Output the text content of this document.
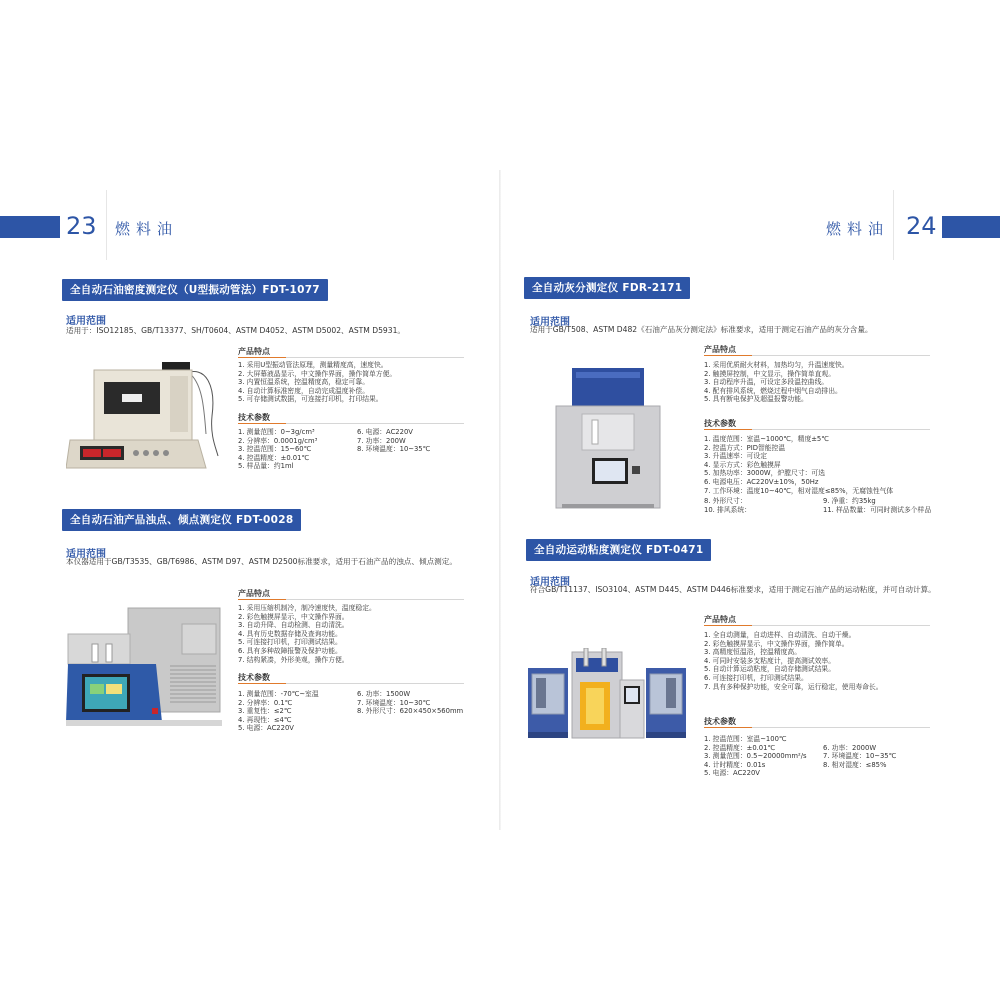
23 燃料油	燃料油 24
全自动石油密度测定仪（U型振动管法）FDT-1077
适用范围
适用于：ISO12185、GB/T13377、SH/T0604、ASTM D4052、ASTM D5002、ASTM D5931。
产品特点
1. 采用U型振动管法原理，测量精度高，速度快。
2. 大屏幕液晶显示，中文操作界面，操作简单方便。
3. 内置恒温系统，控温精度高，稳定可靠。
4. 自动计算标准密度，自动完成温度补偿。
5. 可存储测试数据，可连接打印机，打印结果。
技术参数
1. 测量范围：0~3g/cm³	6. 电源：AC220V
2. 分辨率：0.0001g/cm³	7. 功率：200W
3. 控温范围：15~60℃	8. 环境温度：10~35℃
4. 控温精度：±0.01℃
5. 样品量：约1ml
全自动石油产品浊点、倾点测定仪 FDT-0028
适用范围
本仪器适用于GB/T3535、GB/T6986、ASTM D97、ASTM D2500标准要求，适用于石油产品的浊点、倾点测定。
产品特点
1. 采用压缩机制冷，制冷速度快，温度稳定。
2. 彩色触摸屏显示，中文操作界面。
3. 自动升降、自动检测、自动清洗。
4. 具有历史数据存储及查询功能。
5. 可连接打印机，打印测试结果。
6. 具有多种故障报警及保护功能。
7. 结构紧凑，外形美观，操作方便。
技术参数
1. 测量范围：-70℃~室温	6. 功率：1500W
2. 分辨率：0.1℃	7. 环境温度：10~30℃
3. 重复性：≤2℃	8. 外形尺寸：620×450×560mm
4. 再现性：≤4℃
5. 电源：AC220V
全自动灰分测定仪 FDR-2171
适用范围
适用于GB/T508、ASTM D482《石油产品灰分测定法》标准要求，适用于测定石油产品的灰分含量。
产品特点
1. 采用优质耐火材料，加热均匀，升温速度快。
2. 触摸屏控制，中文显示，操作简单直观。
3. 自动程序升温，可设定多段温控曲线。
4. 配有排风系统，燃烧过程中烟气自动排出。
5. 具有断电保护及超温报警功能。
技术参数
1. 温度范围：室温~1000℃，精度±5℃
2. 控温方式：PID智能控温
3. 升温速率：可设定
4. 显示方式：彩色触摸屏
5. 加热功率：3000W，炉膛尺寸：可选
6. 电源电压：AC220V±10%，50Hz
7. 工作环境：温度10~40℃，相对湿度≤85%，无腐蚀性气体
8. 外形尺寸：	9. 净重：约35kg
10. 排风系统：	11. 样品数量：可同时测试多个样品
全自动运动粘度测定仪 FDT-0471
适用范围
符合GB/T11137、ISO3104、ASTM D445、ASTM D446标准要求，适用于测定石油产品的运动粘度，并可自动计算。
产品特点
1. 全自动测量，自动进样、自动清洗、自动干燥。
2. 彩色触摸屏显示，中文操作界面，操作简单。
3. 高精度恒温浴，控温精度高。
4. 可同时安装多支粘度计，提高测试效率。
5. 自动计算运动粘度，自动存储测试结果。
6. 可连接打印机，打印测试结果。
7. 具有多种保护功能，安全可靠，运行稳定，使用寿命长。
技术参数
1. 控温范围：室温~100℃
2. 控温精度：±0.01℃	6. 功率：2000W
3. 测量范围：0.5~20000mm²/s	7. 环境温度：10~35℃
4. 计时精度：0.01s	8. 相对湿度：≤85%
5. 电源：AC220V
